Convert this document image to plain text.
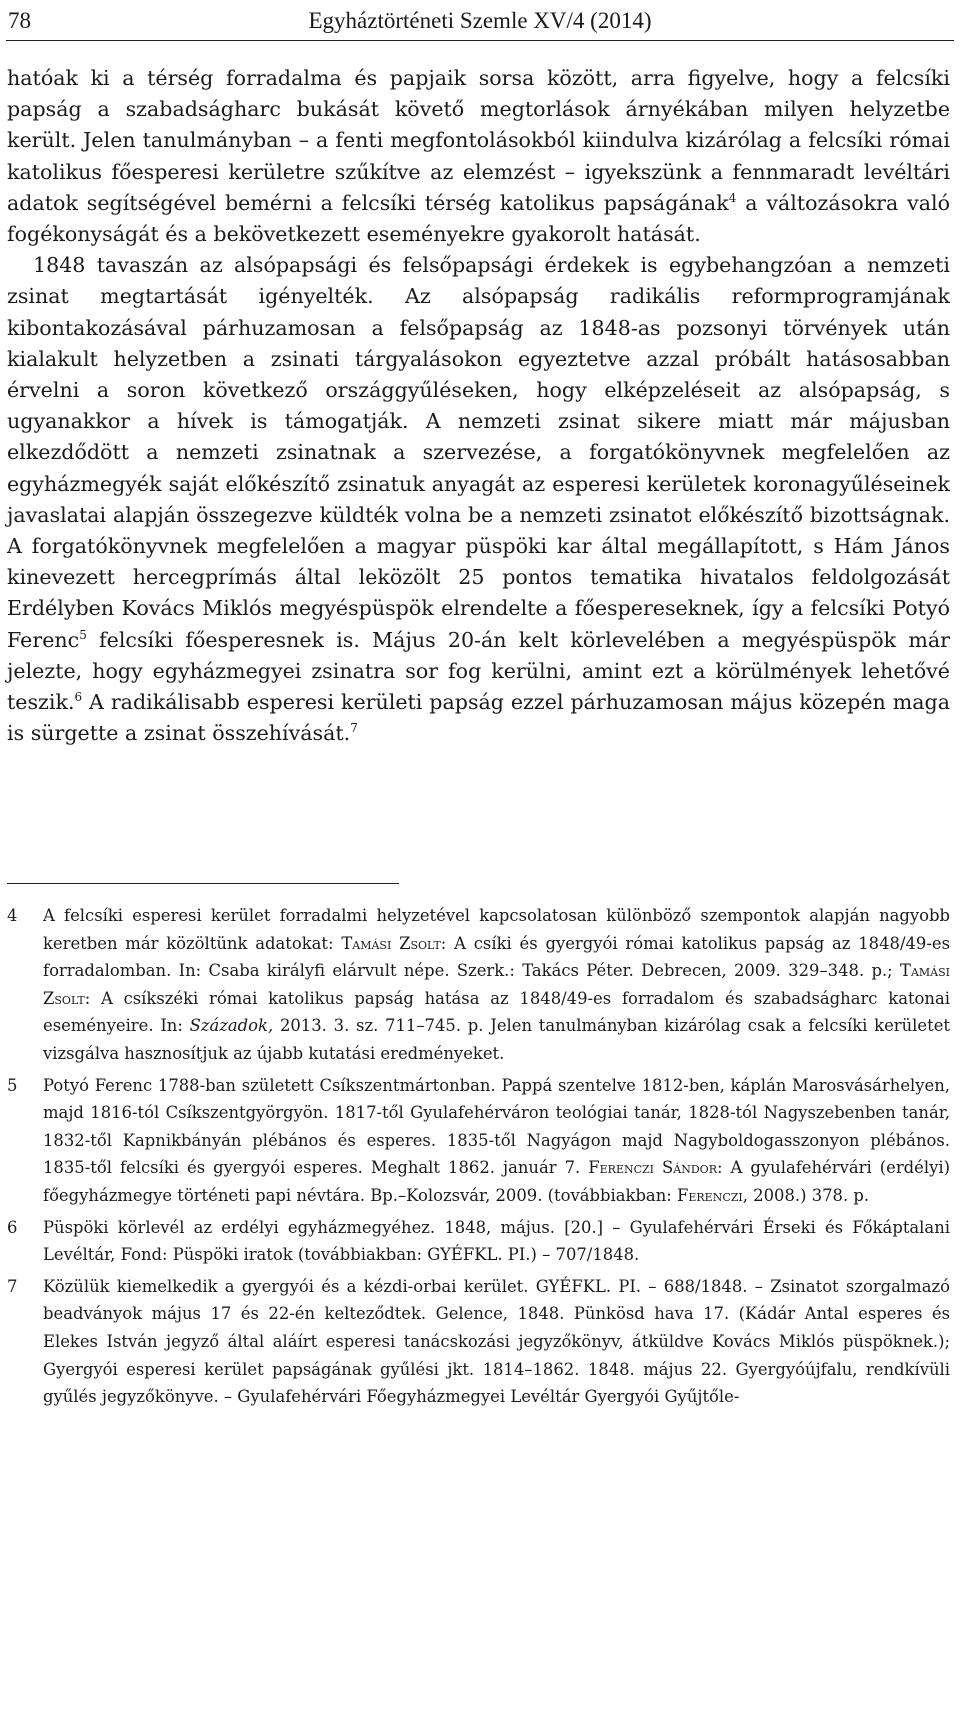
78	Egyháztörténeti Szemle XV/4 (2014)

hatóak ki a térség forradalma és papjaik sorsa között, arra figyelve, hogy a felcsíki papság a szabadságharc bukását követő megtorlások árnyékában milyen helyzetbe került. Jelen tanulmányban – a fenti megfontolásokból kiindulva kizárólag a felcsíki római katolikus főesperesi kerületre szűkítve az elemzést – igyekszünk a fennmaradt levéltári adatok segítségével bemérni a felcsíki térség katolikus papságának$^4$ a változásokra való fogékonyságát és a bekövetkezett eseményekre gyakorolt hatását.

1848 tavaszán az alsópapsági és felsőpapsági érdekek is egybehangzóan a nemzeti zsinat megtartását igényelték. Az alsópapság radikális reformprogramjának kibontakozásával párhuzamosan a felsőpapság az 1848-as pozsonyi törvények után kialakult helyzetben a zsinati tárgyalásokon egyeztetve azzal próbált hatásosabban érvelni a soron következő országgyűléseken, hogy elképzeléseit az alsópapság, s ugyanakkor a hívek is támogatják. A nemzeti zsinat sikere miatt már májusban elkezdődött a nemzeti zsinatnak a szervezése, a forgatókönyvnek megfelelően az egyházmegyék saját előkészítő zsinatuk anyagát az esperesi kerületek koronagyűléseinek javaslatai alapján összegezve küldték volna be a nemzeti zsinatot előkészítő bizottságnak. A forgatókönyvnek megfelelően a magyar püspöki kar által megállapított, s Hám János kinevezett hercegprímás által leközölt 25 pontos tematika hivatalos feldolgozását Erdélyben Kovács Miklós megyéspüspök elrendelte a főespereseknek, így a felcsíki Potyó Ferenc$^5$ felcsíki főesperesnek is. Május 20-án kelt körlevelében a megyéspüspök már jelezte, hogy egyházmegyei zsinatra sor fog kerülni, amint ezt a körülmények lehetővé teszik.$^6$ A radikálisabb esperesi kerületi papság ezzel párhuzamosan május közepén maga is sürgette a zsinat összehívását.$^7$

4	A felcsíki esperesi kerület forradalmi helyzetével kapcsolatosan különböző szempontok alapján nagyobb keretben már közöltünk adatokat: Tamási Zsolt: A csíki és gyergyói római katolikus papság az 1848/49-es forradalomban. In: Csaba királyfi elárvult népe. Szerk.: Takács Péter. Debrecen, 2009. 329–348. p.; Tamási Zsolt: A csíkszéki római katolikus papság hatása az 1848/49-es forradalom és szabadságharc katonai eseményeire. In: Századok, 2013. 3. sz. 711–745. p. Jelen tanulmányban kizárólag csak a felcsíki kerületet vizsgálva hasznosítjuk az újabb kutatási eredményeket.
5	Potyó Ferenc 1788-ban született Csíkszentmártonban. Pappá szentelve 1812-ben, káplán Marosvásárhelyen, majd 1816-tól Csíkszentgyörgyön. 1817-től Gyulafehérváron teológiai tanár, 1828-tól Nagyszebenben tanár, 1832-től Kapnikbányán plébános és esperes. 1835-től Nagyágon majd Nagyboldogasszonyon plébános. 1835-től felcsíki és gyergyói esperes. Meghalt 1862. január 7. Ferenczi Sándor: A gyulafehérvári (erdélyi) főegyházmegye történeti papi névtára. Bp.–Kolozsvár, 2009. (továbbiakban: Ferenczi, 2008.) 378. p.
6	Püspöki körlevél az erdélyi egyházmegyéhez. 1848, május. [20.] – Gyulafehérvári Érseki és Főkáptalani Levéltár, Fond: Püspöki iratok (továbbiakban: GYÉFKL. PI.) – 707/1848.
7	Közülük kiemelkedik a gyergyói és a kézdi-orbai kerület. GYÉFKL. PI. – 688/1848. – Zsinatot szorgalmazó beadványok május 17 és 22-én kelteződtek. Gelence, 1848. Pünkösd hava 17. (Kádár Antal esperes és Elekes István jegyző által aláírt esperesi tanácskozási jegyzőkönyv, átküldve Kovács Miklós püspöknek.); Gyergyói esperesi kerület papságának gyűlési jkt. 1814–1862. 1848. május 22. Gyergyóújfalu, rendkívüli gyűlés jegyzőkönyve. – Gyulafehérvári Főegyházmegyei Levéltár Gyergyói Gyűjtőle-
